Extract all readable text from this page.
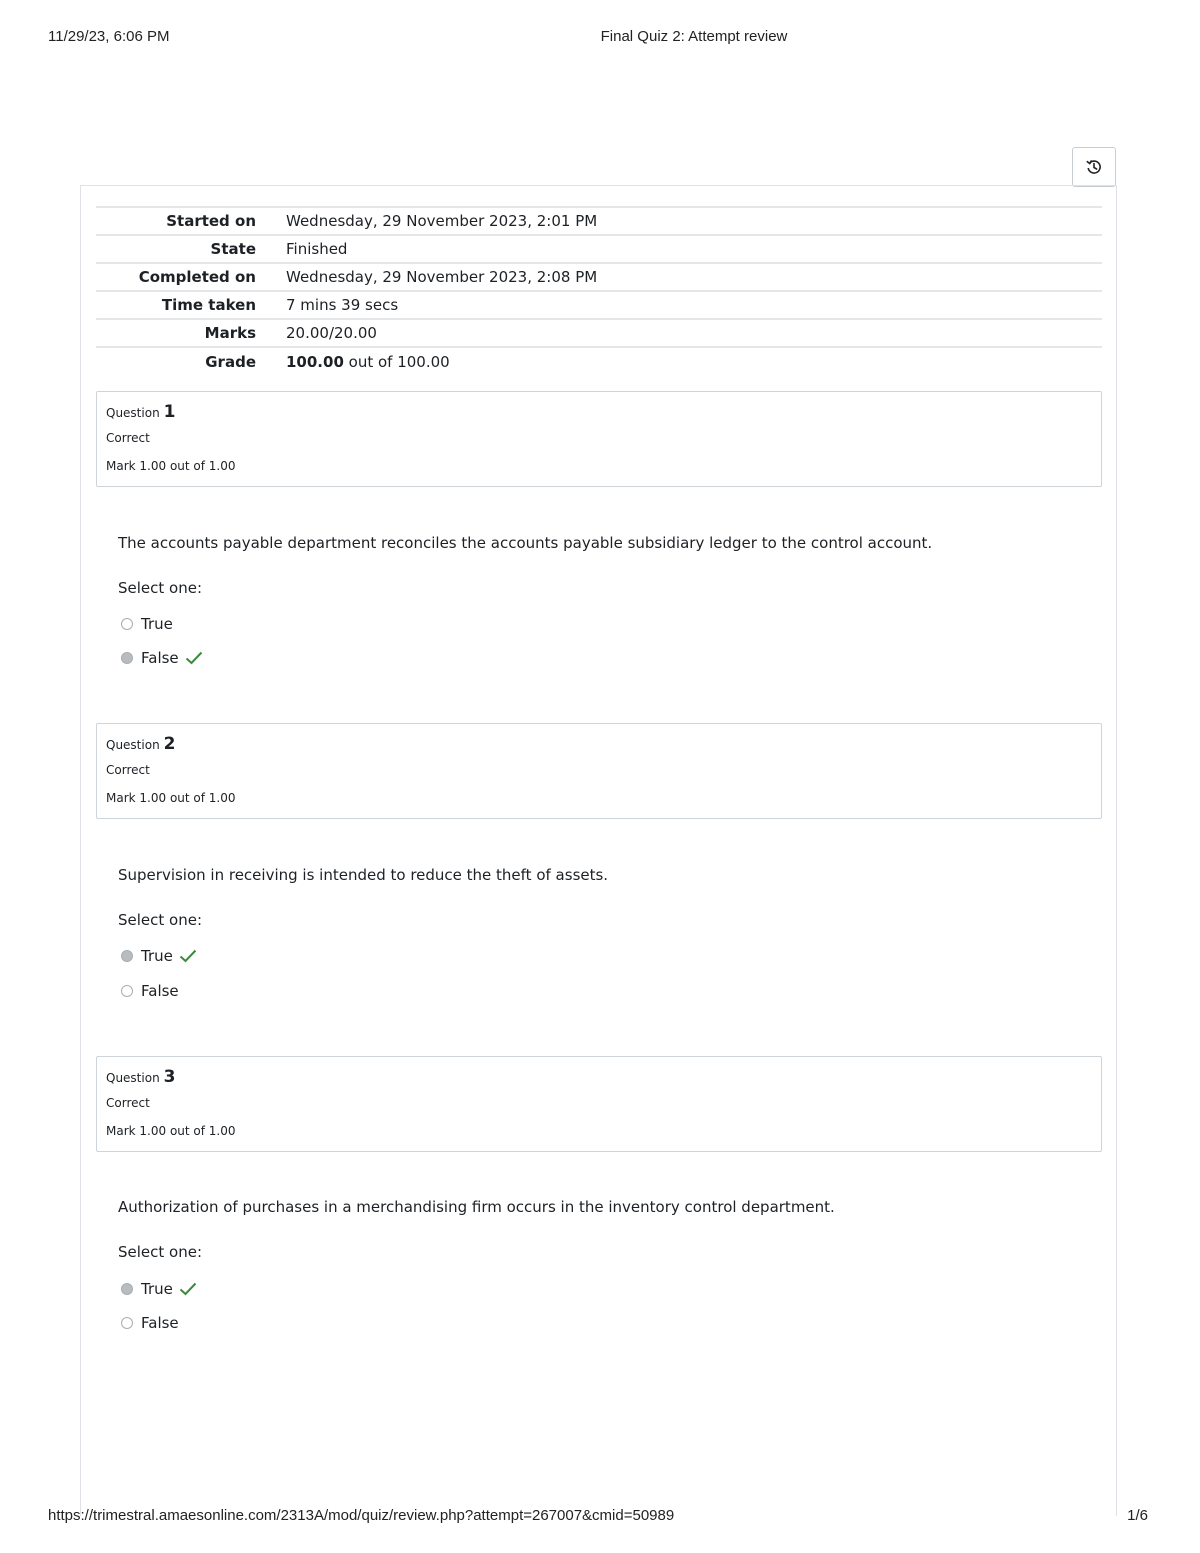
11/29/23, 6:06 PM	Final Quiz 2: Attempt review
Started on	Wednesday, 29 November 2023, 2:01 PM
State	Finished
Completed on	Wednesday, 29 November 2023, 2:08 PM
Time taken	7 mins 39 secs
Marks	20.00/20.00
Grade	100.00 out of 100.00
Question 1
Correct
Mark 1.00 out of 1.00
The accounts payable department reconciles the accounts payable subsidiary ledger to the control account.
Select one:
True
False
Question 2
Correct
Mark 1.00 out of 1.00
Supervision in receiving is intended to reduce the theft of assets.
Select one:
True
False
Question 3
Correct
Mark 1.00 out of 1.00
Authorization of purchases in a merchandising firm occurs in the inventory control department.
Select one:
True
False
https://trimestral.amaesonline.com/2313A/mod/quiz/review.php?attempt=267007&cmid=50989	1/6
